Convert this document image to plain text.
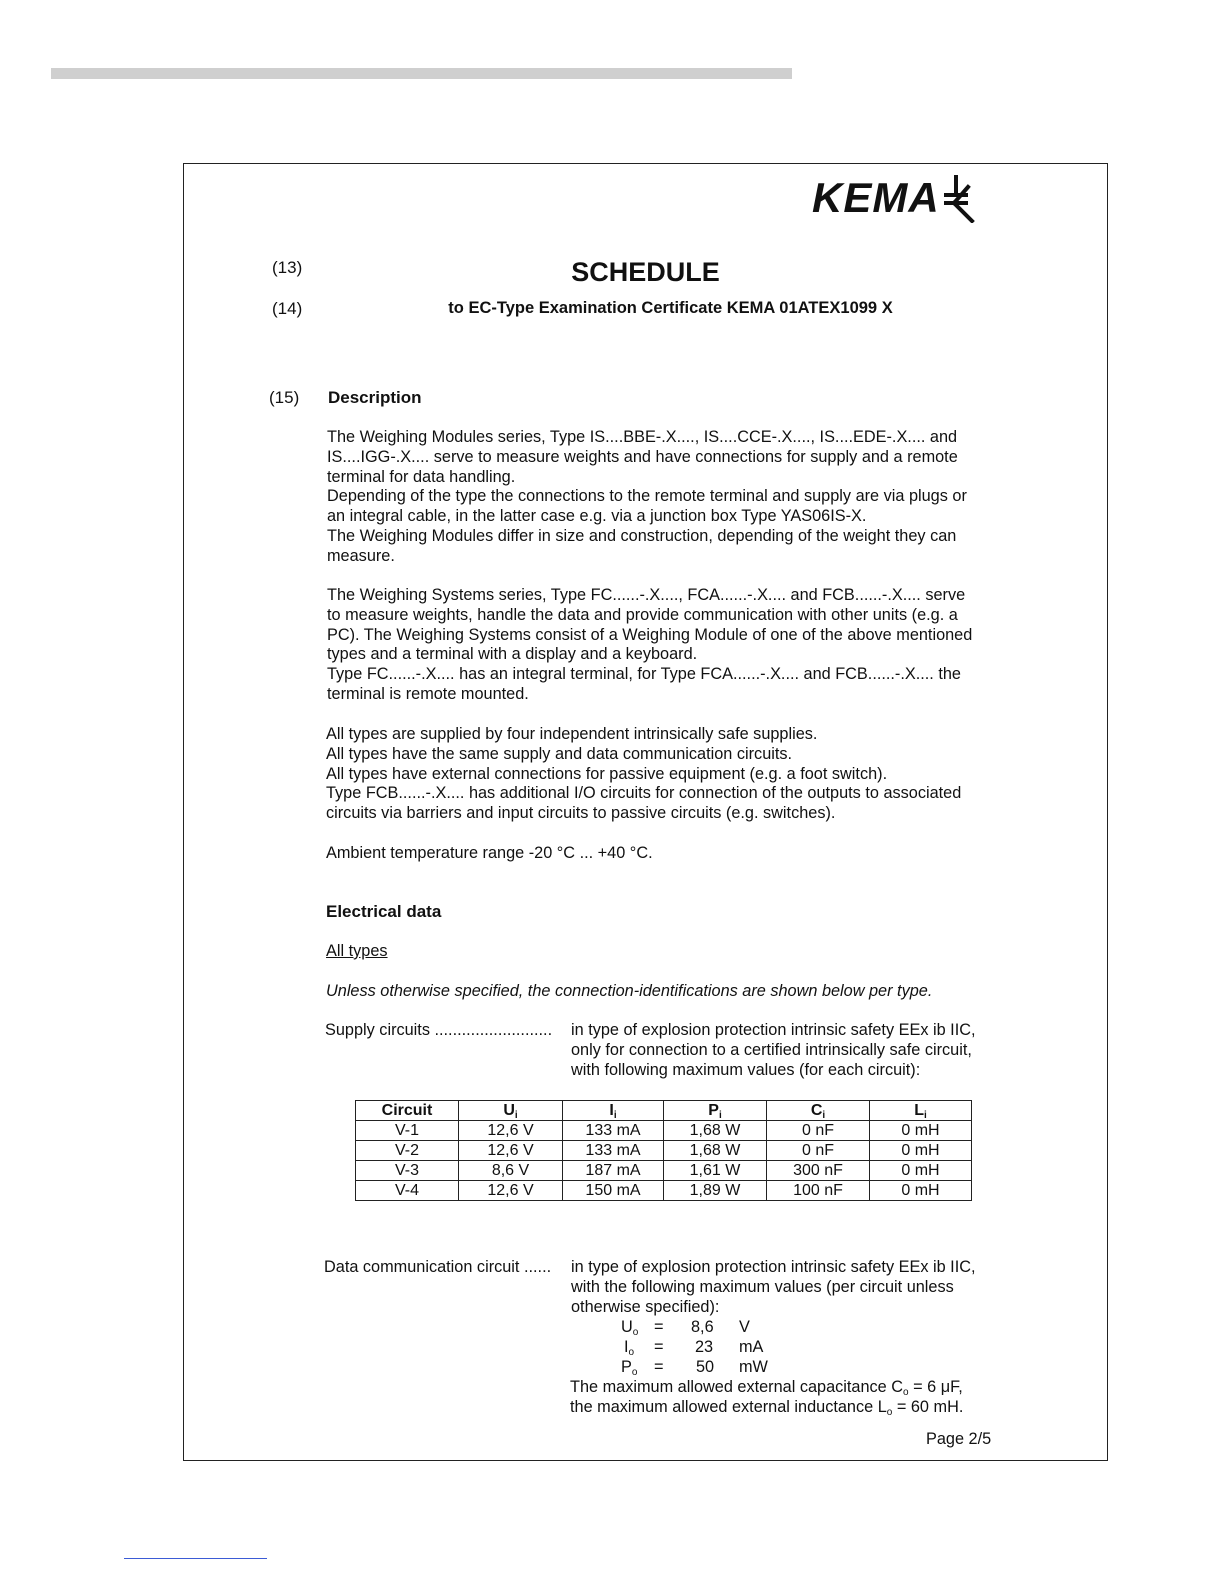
KEMA
(13)	SCHEDULE
(14)	to EC-Type Examination Certificate KEMA 01ATEX1099 X
(15) Description
The Weighing Modules series, Type IS....BBE-.X...., IS....CCE-.X...., IS....EDE-.X.... and
IS....IGG-.X.... serve to measure weights and have connections for supply and a remote
terminal for data handling.
Depending of the type the connections to the remote terminal and supply are via plugs or
an integral cable, in the latter case e.g. via a junction box Type YAS06IS-X.
The Weighing Modules differ in size and construction, depending of the weight they can
measure.
The Weighing Systems series, Type FC......-.X...., FCA......-.X.... and FCB......-.X.... serve
to measure weights, handle the data and provide communication with other units (e.g. a
PC). The Weighing Systems consist of a Weighing Module of one of the above mentioned
types and a terminal with a display and a keyboard.
Type FC......-.X.... has an integral terminal, for Type FCA......-.X.... and FCB......-.X.... the
terminal is remote mounted.
All types are supplied by four independent intrinsically safe supplies.
All types have the same supply and data communication circuits.
All types have external connections for passive equipment (e.g. a foot switch).
Type FCB......-.X.... has additional I/O circuits for connection of the outputs to associated
circuits via barriers and input circuits to passive circuits (e.g. switches).
Ambient temperature range -20 °C ... +40 °C.
Electrical data
All types
Unless otherwise specified, the connection-identifications are shown below per type.
Supply circuits .......................... in type of explosion protection intrinsic safety EEx ib IIC,
only for connection to a certified intrinsically safe circuit,
with following maximum values (for each circuit):
Circuit	$U_i$	$I_i$	$P_i$	$C_i$	$L_i$
V-1	12,6 V	133 mA	1,68 W	0 nF	0 mH
V-2	12,6 V	133 mA	1,68 W	0 nF	0 mH
V-3	8,6 V	187 mA	1,61 W	300 nF	0 mH
V-4	12,6 V	150 mA	1,89 W	100 nF	0 mH
Data communication circuit ...... in type of explosion protection intrinsic safety EEx ib IIC,
with the following maximum values (per circuit unless
otherwise specified):
$U_o = 8,6$ V
$I_o = 23$ mA
$P_o = 50$ mW
The maximum allowed external capacitance $C_o = 6$ μF,
the maximum allowed external inductance $L_o = 60$ mH.
Page 2/5
